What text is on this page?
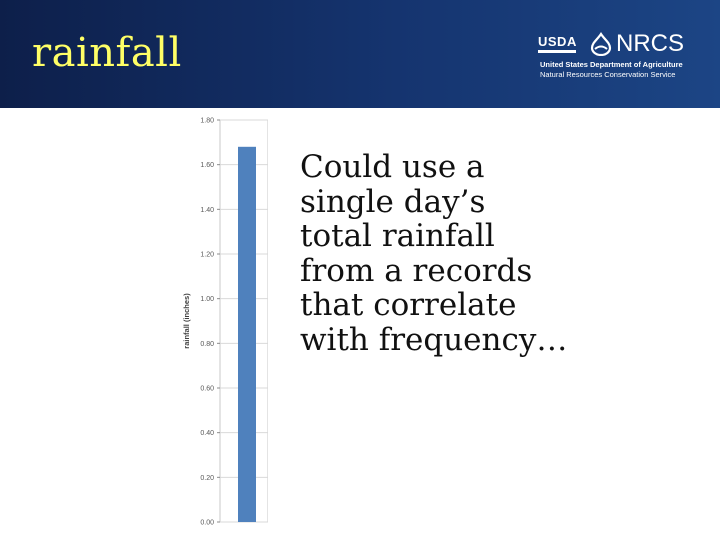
rainfall	USDA NRCS
United States Department of Agriculture
Natural Resources Conservation Service
0.00
0.20
0.40
0.60
0.80
1.00
1.20
1.40
1.60
1.80
rainfall (inches)
Could use a
single day’s
total rainfall
from a records
that correlate
with frequency…
